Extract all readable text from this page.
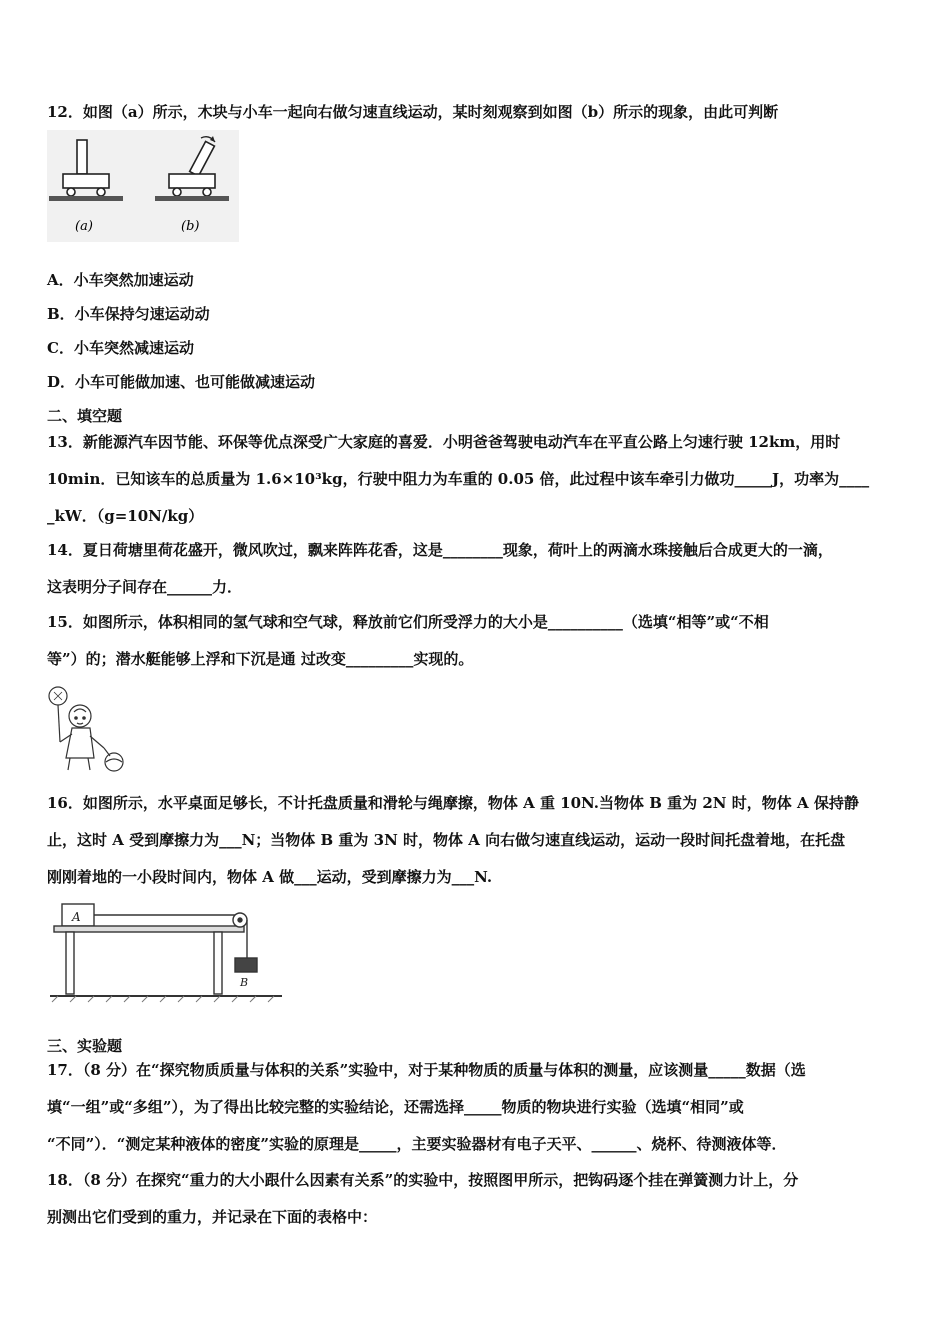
12．如图（a）所示，木块与小车一起向右做匀速直线运动，某时刻观察到如图（b）所示的现象，由此可判断
(a)	(b)
A．小车突然加速运动
B．小车保持匀速运动动
C．小车突然减速运动
D．小车可能做加速、也可能做减速运动
二、填空题
13．新能源汽车因节能、环保等优点深受广大家庭的喜爱．小明爸爸驾驶电动汽车在平直公路上匀速行驶 12km，用时
10min．已知该车的总质量为 1.6×10³kg，行驶中阻力为车重的 0.05 倍，此过程中该车牵引力做功_____J，功率为____
_kW．（g=10N/kg）
14．夏日荷塘里荷花盛开，微风吹过，飘来阵阵花香，这是________现象，荷叶上的两滴水珠接触后合成更大的一滴，
这表明分子间存在______力．
15．如图所示，体积相同的氢气球和空气球，释放前它们所受浮力的大小是__________（选填“相等”或“不相
等”）的；潜水艇能够上浮和下沉是通 过改变_________实现的。
16．如图所示，水平桌面足够长，不计托盘质量和滑轮与绳摩擦，物体 A 重 10N.当物体 B 重为 2N 时，物体 A 保持静
止，这时 A 受到摩擦力为___N；当物体 B 重为 3N 时，物体 A 向右做匀速直线运动，运动一段时间托盘着地，在托盘
刚刚着地的一小段时间内，物体 A 做___运动，受到摩擦力为___N.
A
B
三、实验题
17．（8 分）在“探究物质质量与体积的关系”实验中，对于某种物质的质量与体积的测量，应该测量_____数据（选
填“一组”或“多组”），为了得出比较完整的实验结论，还需选择_____物质的物块进行实验（选填“相同”或
“不同”）．“测定某种液体的密度”实验的原理是_____，主要实验器材有电子天平、______、烧杯、待测液体等．
18．（8 分）在探究“重力的大小跟什么因素有关系”的实验中，按照图甲所示，把钩码逐个挂在弹簧测力计上，分
别测出它们受到的重力，并记录在下面的表格中：
